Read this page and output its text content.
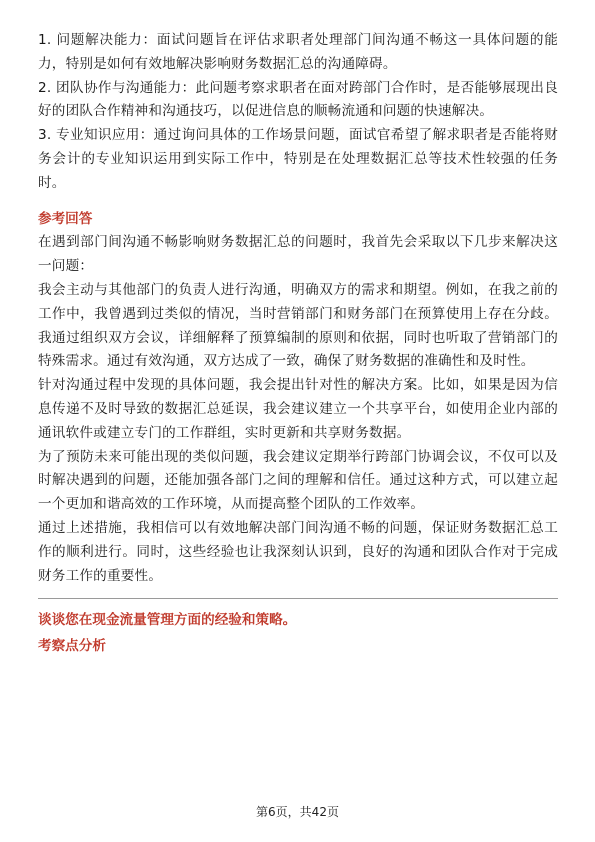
1. 问题解决能力：面试问题旨在评估求职者处理部门间沟通不畅这一具体问题的能力，特别是如何有效地解决影响财务数据汇总的沟通障碍。

2. 团队协作与沟通能力：此问题考察求职者在面对跨部门合作时，是否能够展现出良好的团队合作精神和沟通技巧，以促进信息的顺畅流通和问题的快速解决。

3. 专业知识应用：通过询问具体的工作场景问题，面试官希望了解求职者是否能将财务会计的专业知识运用到实际工作中，特别是在处理数据汇总等技术性较强的任务时。

参考回答

在遇到部门间沟通不畅影响财务数据汇总的问题时，我首先会采取以下几步来解决这一问题：

我会主动与其他部门的负责人进行沟通，明确双方的需求和期望。例如，在我之前的工作中，我曾遇到过类似的情况，当时营销部门和财务部门在预算使用上存在分歧。我通过组织双方会议，详细解释了预算编制的原则和依据，同时也听取了营销部门的特殊需求。通过有效沟通，双方达成了一致，确保了财务数据的准确性和及时性。

针对沟通过程中发现的具体问题，我会提出针对性的解决方案。比如，如果是因为信息传递不及时导致的数据汇总延误，我会建议建立一个共享平台，如使用企业内部的通讯软件或建立专门的工作群组，实时更新和共享财务数据。

为了预防未来可能出现的类似问题，我会建议定期举行跨部门协调会议，不仅可以及时解决遇到的问题，还能加强各部门之间的理解和信任。通过这种方式，可以建立起一个更加和谐高效的工作环境，从而提高整个团队的工作效率。

通过上述措施，我相信可以有效地解决部门间沟通不畅的问题，保证财务数据汇总工作的顺利进行。同时，这些经验也让我深刻认识到，良好的沟通和团队合作对于完成财务工作的重要性。

谈谈您在现金流量管理方面的经验和策略。
考察点分析
第6页，共42页
